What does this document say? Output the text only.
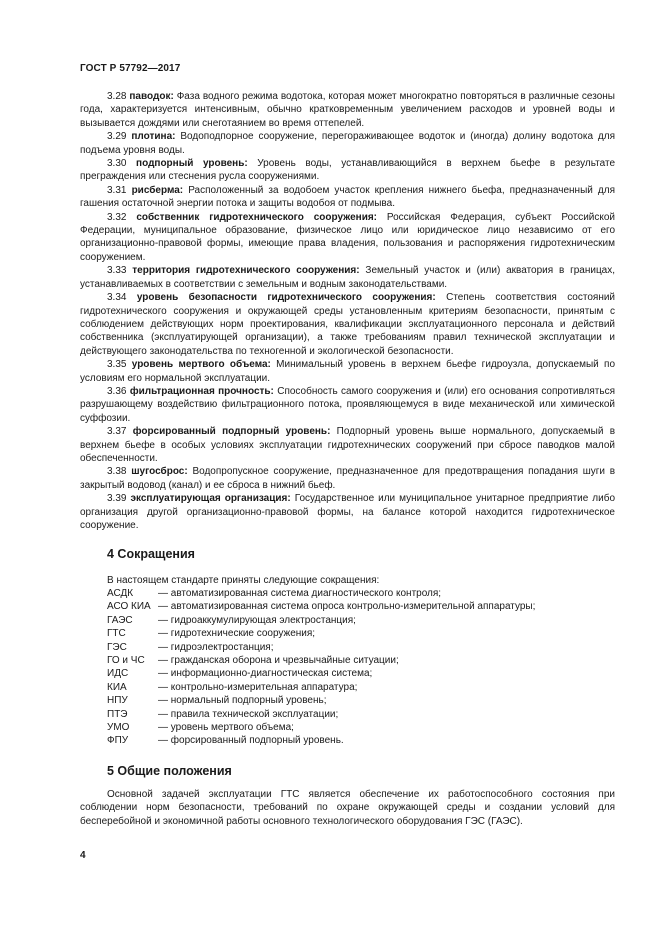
ГОСТ Р 57792—2017

3.28 паводок: Фаза водного режима водотока, которая может многократно повторяться в различные сезоны года, характеризуется интенсивным, обычно кратковременным увеличением расходов и уровней воды и вызывается дождями или снеготаянием во время оттепелей.

3.29 плотина: Водоподпорное сооружение, перегораживающее водоток и (иногда) долину водотока для подъема уровня воды.

3.30 подпорный уровень: Уровень воды, устанавливающийся в верхнем бьефе в результате преграждения или стеснения русла сооружениями.

3.31 рисберма: Расположенный за водобоем участок крепления нижнего бьефа, предназначенный для гашения остаточной энергии потока и защиты водобоя от подмыва.

3.32 собственник гидротехнического сооружения: Российская Федерация, субъект Российской Федерации, муниципальное образование, физическое лицо или юридическое лицо независимо от его организационно-правовой формы, имеющие права владения, пользования и распоряжения гидротехническим сооружением.

3.33 территория гидротехнического сооружения: Земельный участок и (или) акватория в границах, устанавливаемых в соответствии с земельным и водным законодательствами.

3.34 уровень безопасности гидротехнического сооружения: Степень соответствия состояний гидротехнического сооружения и окружающей среды установленным критериям безопасности, принятым с соблюдением действующих норм проектирования, квалификации эксплуатационного персонала и действий собственника (эксплуатирующей организации), а также требованиям правил технической эксплуатации и действующего законодательства по техногенной и экологической безопасности.

3.35 уровень мертвого объема: Минимальный уровень в верхнем бьефе гидроузла, допускаемый по условиям его нормальной эксплуатации.

3.36 фильтрационная прочность: Способность самого сооружения и (или) его основания сопротивляться разрушающему воздействию фильтрационного потока, проявляющемуся в виде механической или химической суффозии.

3.37 форсированный подпорный уровень: Подпорный уровень выше нормального, допускаемый в верхнем бьефе в особых условиях эксплуатации гидротехнических сооружений при сбросе паводков малой обеспеченности.

3.38 шугосброс: Водопропускное сооружение, предназначенное для предотвращения попадания шуги в закрытый водовод (канал) и ее сброса в нижний бьеф.

3.39 эксплуатирующая организация: Государственное или муниципальное унитарное предприятие либо организация другой организационно-правовой формы, на балансе которой находится гидротехническое сооружение.

4 Сокращения
В настоящем стандарте приняты следующие сокращения:
АСДК	— автоматизированная система диагностического контроля;
АСО КИА — автоматизированная система опроса контрольно-измерительной аппаратуры;
ГАЭС	— гидроаккумулирующая электростанция;
ГТС	— гидротехнические сооружения;
ГЭС	— гидроэлектростанция;
ГО и ЧС	— гражданская оборона и чрезвычайные ситуации;
ИДС	— информационно-диагностическая система;
КИА	— контрольно-измерительная аппаратура;
НПУ	— нормальный подпорный уровень;
ПТЭ	— правила технической эксплуатации;
УМО	— уровень мертвого объема;
ФПУ	— форсированный подпорный уровень.
5 Общие положения

Основной задачей эксплуатации ГТС является обеспечение их работоспособного состояния при соблюдении норм безопасности, требований по охране окружающей среды и создании условий для бесперебойной и экономичной работы основного технологического оборудования ГЭС (ГАЭС).

4
